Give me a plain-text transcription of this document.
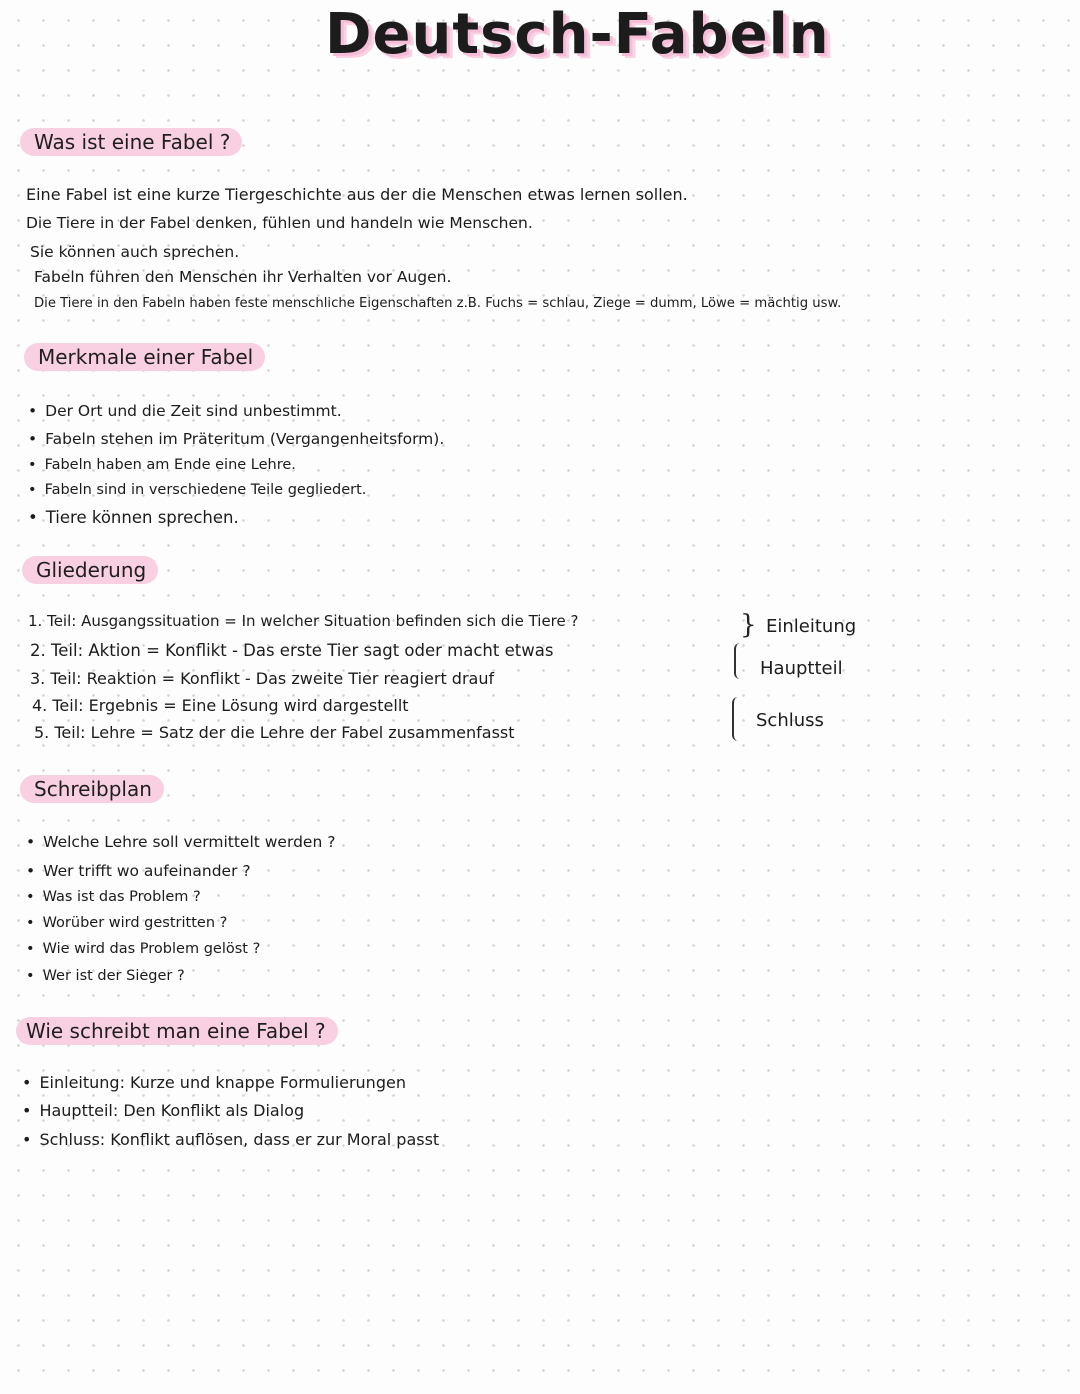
Deutsch-Fabeln
Was ist eine Fabel ?
Eine Fabel ist eine kurze Tiergeschichte aus der die Menschen etwas lernen sollen.
Die Tiere in der Fabel denken, fühlen und handeln wie Menschen.
Sie können auch sprechen.
Fabeln führen den Menschen ihr Verhalten vor Augen.
Die Tiere in den Fabeln haben feste menschliche Eigenschaften z.B. Fuchs = schlau, Ziege = dumm, Löwe = mächtig usw.
Merkmale einer Fabel
• Der Ort und die Zeit sind unbestimmt.
• Fabeln stehen im Präteritum (Vergangenheitsform).
• Fabeln haben am Ende eine Lehre.
• Fabeln sind in verschiedene Teile gegliedert.
• Tiere können sprechen.
Gliederung
1. Teil: Ausgangssituation = In welcher Situation befinden sich die Tiere ?
2. Teil: Aktion = Konflikt - Das erste Tier sagt oder macht etwas
3. Teil: Reaktion = Konflikt - Das zweite Tier reagiert drauf
4. Teil: Ergebnis = Eine Lösung wird dargestellt
5. Teil: Lehre = Satz der die Lehre der Fabel zusammenfasst
} Einleitung
Hauptteil
Schluss
Schreibplan
• Welche Lehre soll vermittelt werden ?
• Wer trifft wo aufeinander ?
• Was ist das Problem ?
• Worüber wird gestritten ?
• Wie wird das Problem gelöst ?
• Wer ist der Sieger ?
Wie schreibt man eine Fabel ?
• Einleitung: Kurze und knappe Formulierungen
• Hauptteil: Den Konflikt als Dialog
• Schluss: Konflikt auflösen, dass er zur Moral passt
